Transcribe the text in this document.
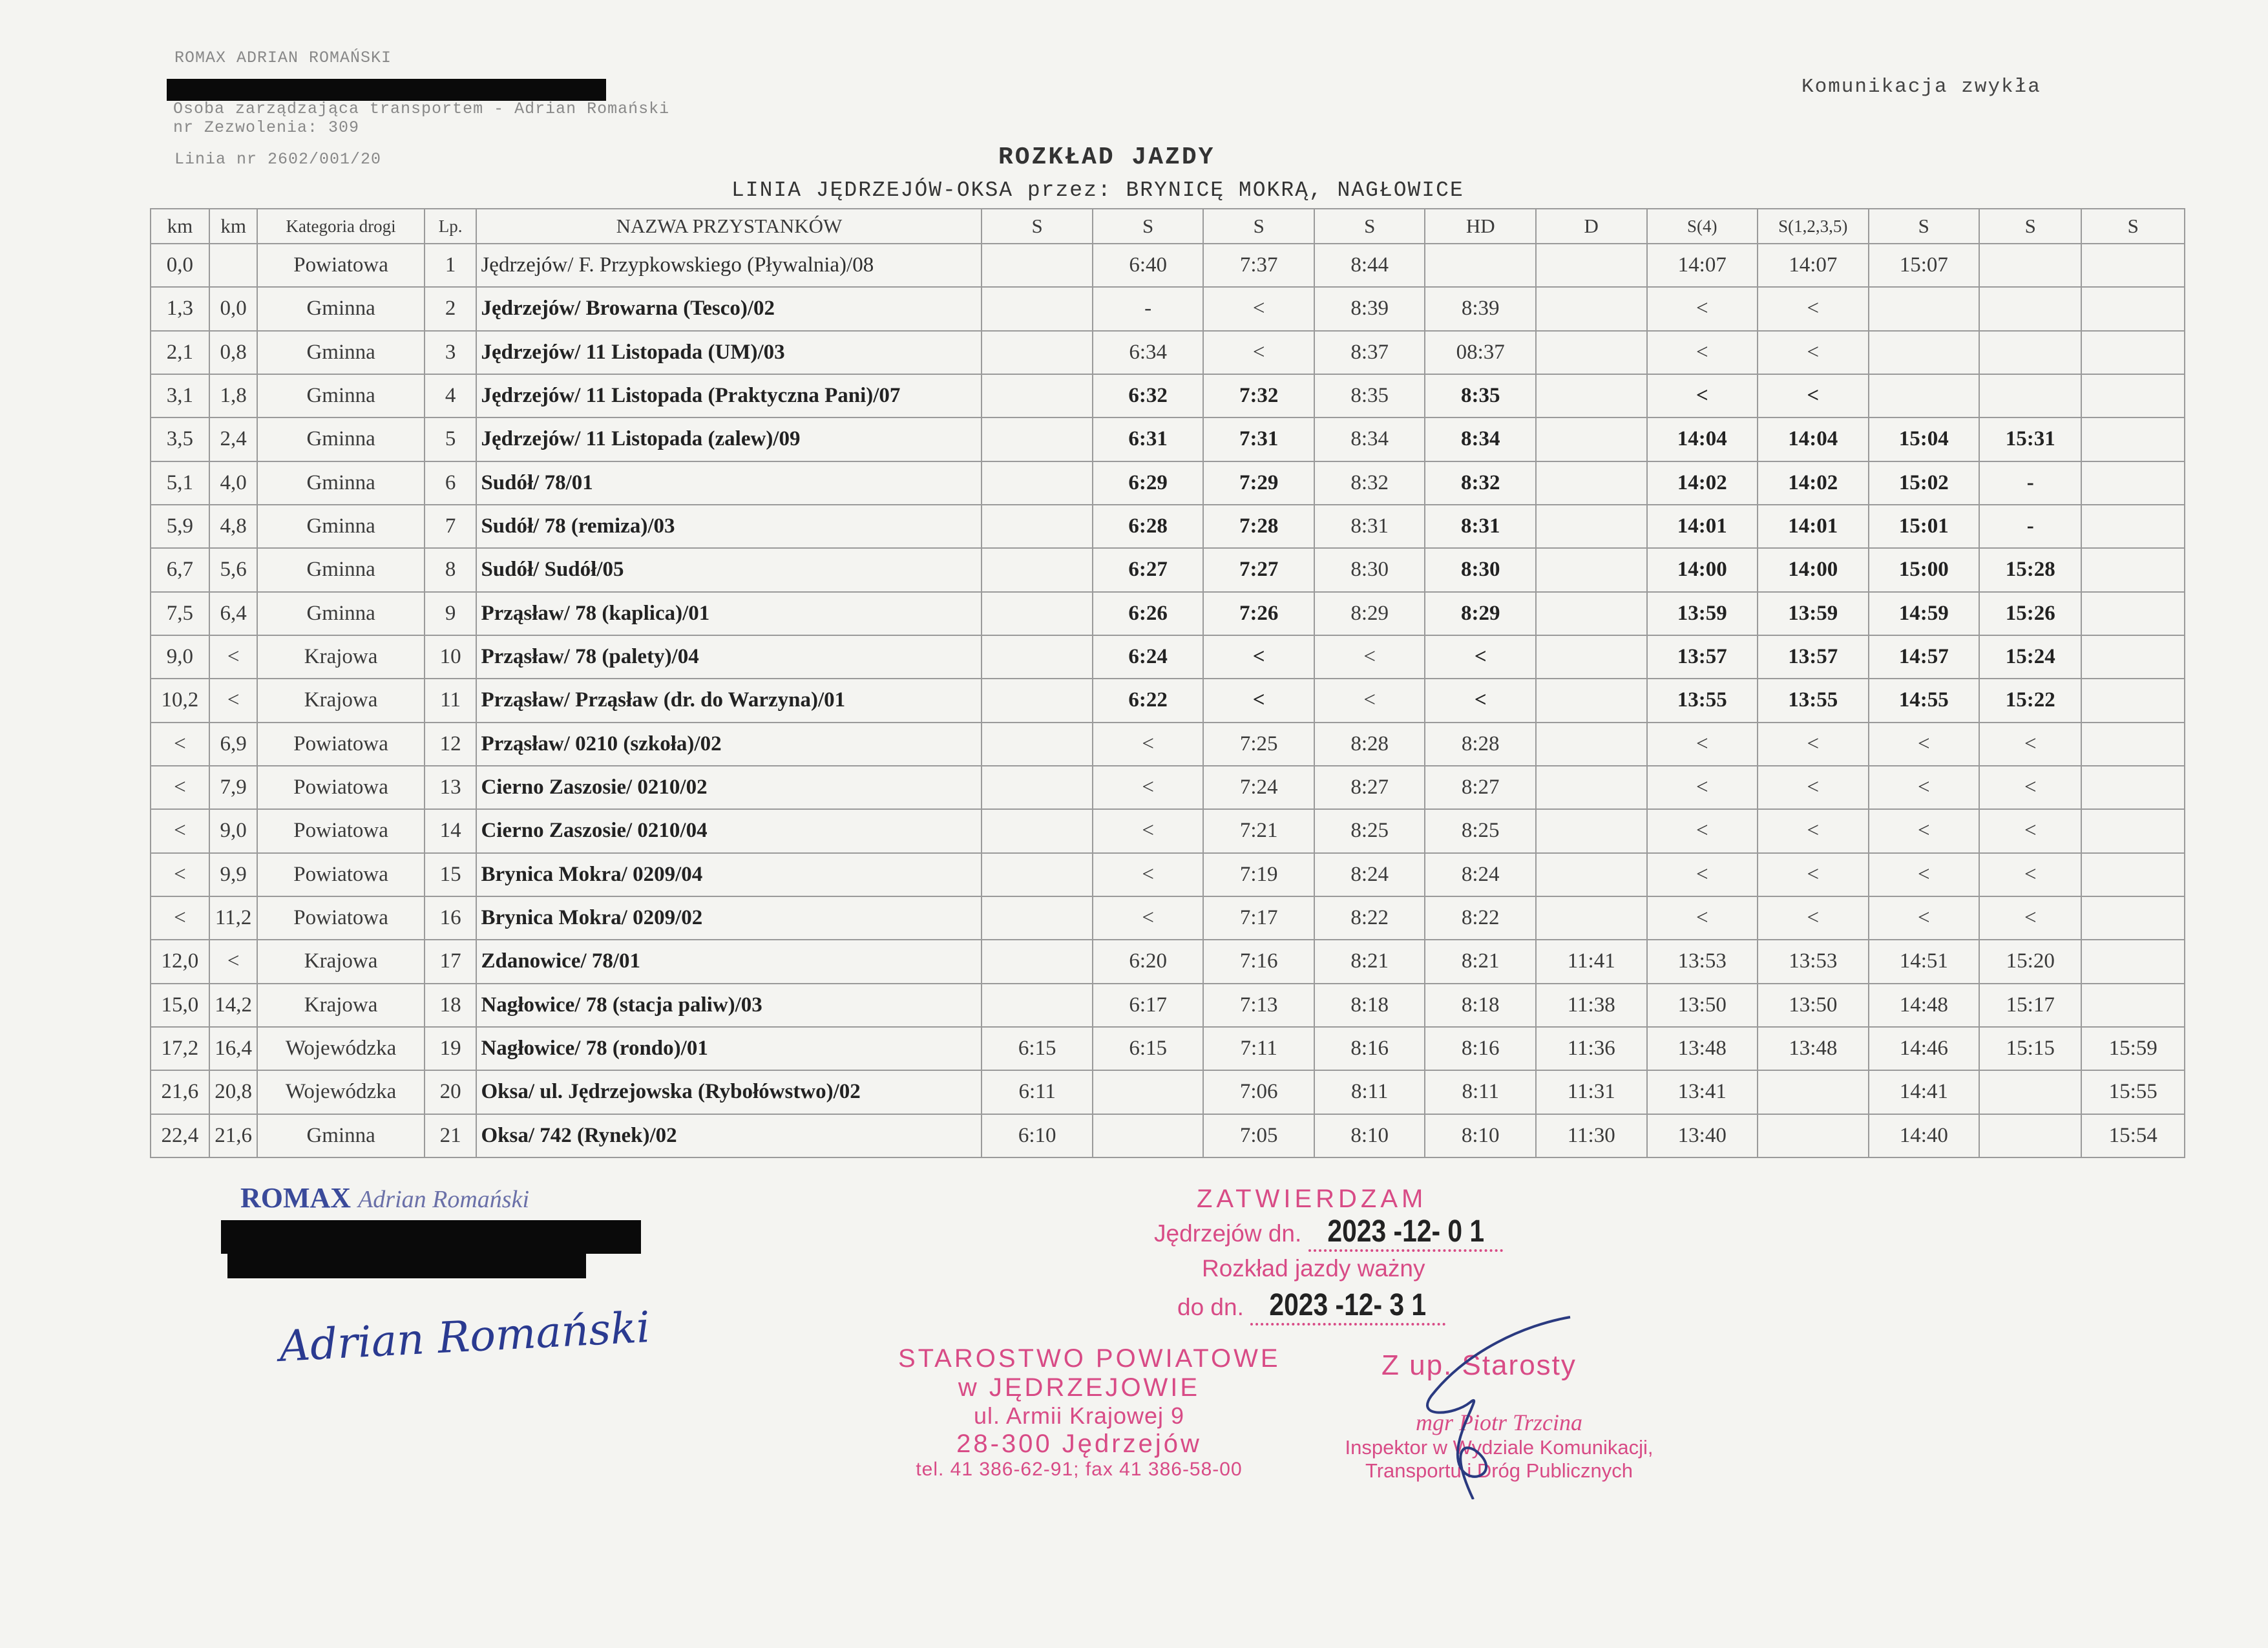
ROMAX ADRIAN ROMAŃSKI
Osoba zarządzająca transportem - Adrian Romański
nr Zezwolenia: 309
Linia nr 2602/001/20
Komunikacja zwykła
ROZKŁAD JAZDY
LINIA JĘDRZEJÓW-OKSA przez: BRYNICĘ MOKRĄ, NAGŁOWICE
km	km	Kategoria drogi	Lp.	NAZWA PRZYSTANKÓW	S	S	S	S	HD	D	S(4)	S(1,2,3,5)	S	S	S
0,0		Powiatowa	1	Jędrzejów/ F. Przypkowskiego (Pływalnia)/08		6:40	7:37	8:44			14:07	14:07	15:07		
1,3	0,0	Gminna	2	Jędrzejów/ Browarna (Tesco)/02		-	<	8:39	8:39		<	<			
2,1	0,8	Gminna	3	Jędrzejów/ 11 Listopada (UM)/03		6:34	<	8:37	08:37		<	<			
3,1	1,8	Gminna	4	Jędrzejów/ 11 Listopada (Praktyczna Pani)/07		6:32	7:32	8:35	8:35		<	<			
3,5	2,4	Gminna	5	Jędrzejów/ 11 Listopada (zalew)/09		6:31	7:31	8:34	8:34		14:04	14:04	15:04	15:31	
5,1	4,0	Gminna	6	Sudół/ 78/01		6:29	7:29	8:32	8:32		14:02	14:02	15:02	-	
5,9	4,8	Gminna	7	Sudół/ 78 (remiza)/03		6:28	7:28	8:31	8:31		14:01	14:01	15:01	-	
6,7	5,6	Gminna	8	Sudół/ Sudół/05		6:27	7:27	8:30	8:30		14:00	14:00	15:00	15:28	
7,5	6,4	Gminna	9	Prząsław/ 78 (kaplica)/01		6:26	7:26	8:29	8:29		13:59	13:59	14:59	15:26	
9,0	<	Krajowa	10	Prząsław/ 78 (palety)/04		6:24	<	<	<		13:57	13:57	14:57	15:24	
10,2	<	Krajowa	11	Prząsław/ Prząsław (dr. do Warzyna)/01		6:22	<	<	<		13:55	13:55	14:55	15:22	
<	6,9	Powiatowa	12	Prząsław/ 0210 (szkoła)/02		<	7:25	8:28	8:28		<	<	<	<	
<	7,9	Powiatowa	13	Cierno Zaszosie/ 0210/02		<	7:24	8:27	8:27		<	<	<	<	
<	9,0	Powiatowa	14	Cierno Zaszosie/ 0210/04		<	7:21	8:25	8:25		<	<	<	<	
<	9,9	Powiatowa	15	Brynica Mokra/ 0209/04		<	7:19	8:24	8:24		<	<	<	<	
<	11,2	Powiatowa	16	Brynica Mokra/ 0209/02		<	7:17	8:22	8:22		<	<	<	<	
12,0	<	Krajowa	17	Zdanowice/ 78/01		6:20	7:16	8:21	8:21	11:41	13:53	13:53	14:51	15:20	
15,0	14,2	Krajowa	18	Nagłowice/ 78 (stacja paliw)/03		6:17	7:13	8:18	8:18	11:38	13:50	13:50	14:48	15:17	
17,2	16,4	Wojewódzka	19	Nagłowice/ 78 (rondo)/01	6:15	6:15	7:11	8:16	8:16	11:36	13:48	13:48	14:46	15:15	15:59
21,6	20,8	Wojewódzka	20	Oksa/ ul. Jędrzejowska (Rybołówstwo)/02	6:11		7:06	8:11	8:11	11:31	13:41		14:41		15:55
22,4	21,6	Gminna	21	Oksa/ 742 (Rynek)/02	6:10		7:05	8:10	8:10	11:30	13:40		14:40		15:54
ROMAX Adrian Romański
Adrian Romański
ZATWIERDZAM
Jędrzejów dn. 2023 -12- 0 1
Rozkład jazdy ważny
do dn. 2023 -12- 3 1
STAROSTWO POWIATOWE
w JĘDRZEJOWIE
ul. Armii Krajowej 9
28-300 Jędrzejów
tel. 41 386-62-91; fax 41 386-58-00
Z up. Starosty
mgr Piotr Trzcina
Inspektor w Wydziale Komunikacji,
Transportu i Dróg Publicznych
